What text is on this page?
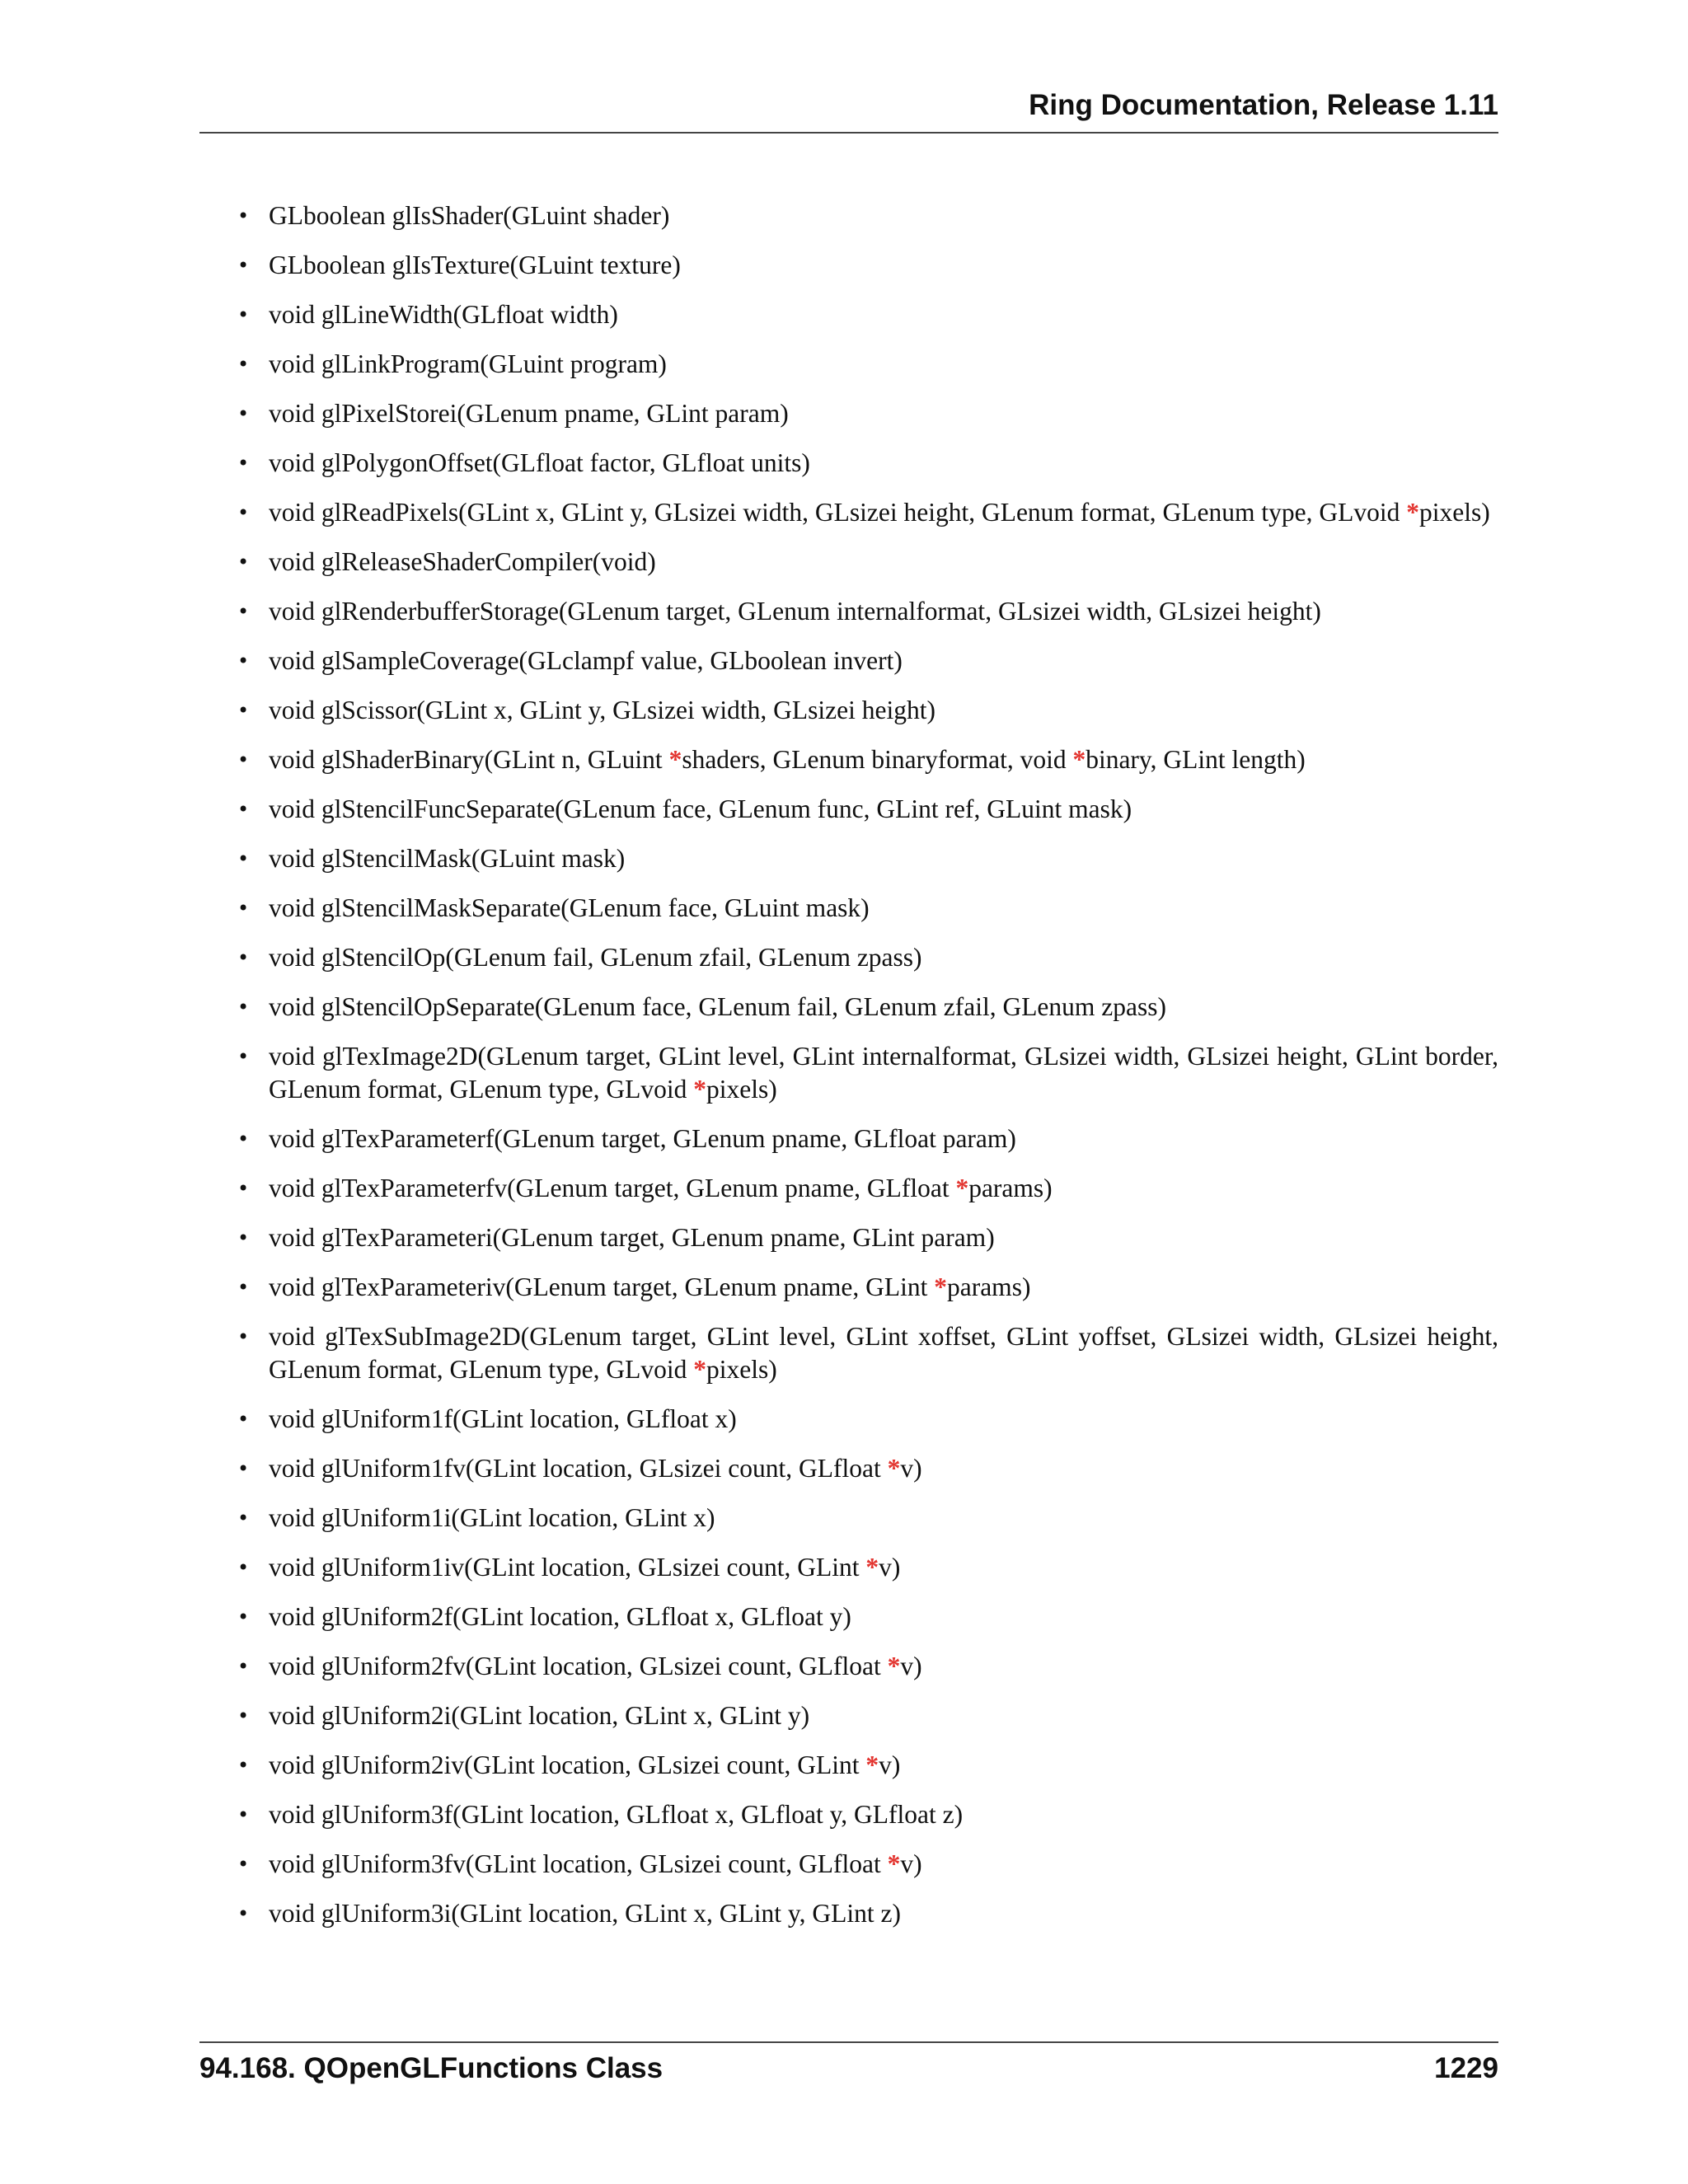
Ring Documentation, Release 1.11
• GLboolean glIsShader(GLuint shader)
• GLboolean glIsTexture(GLuint texture)
• void glLineWidth(GLfloat width)
• void glLinkProgram(GLuint program)
• void glPixelStorei(GLenum pname, GLint param)
• void glPolygonOffset(GLfloat factor, GLfloat units)
• void glReadPixels(GLint x, GLint y, GLsizei width, GLsizei height, GLenum format, GLenum type, GLvoid *pixels)
• void glReleaseShaderCompiler(void)
• void glRenderbufferStorage(GLenum target, GLenum internalformat, GLsizei width, GLsizei height)
• void glSampleCoverage(GLclampf value, GLboolean invert)
• void glScissor(GLint x, GLint y, GLsizei width, GLsizei height)
• void glShaderBinary(GLint n, GLuint *shaders, GLenum binaryformat, void *binary, GLint length)
• void glStencilFuncSeparate(GLenum face, GLenum func, GLint ref, GLuint mask)
• void glStencilMask(GLuint mask)
• void glStencilMaskSeparate(GLenum face, GLuint mask)
• void glStencilOp(GLenum fail, GLenum zfail, GLenum zpass)
• void glStencilOpSeparate(GLenum face, GLenum fail, GLenum zfail, GLenum zpass)
• void glTexImage2D(GLenum target, GLint level, GLint internalformat, GLsizei width, GLsizei height, GLint border, GLenum format, GLenum type, GLvoid *pixels)
• void glTexParameterf(GLenum target, GLenum pname, GLfloat param)
• void glTexParameterfv(GLenum target, GLenum pname, GLfloat *params)
• void glTexParameteri(GLenum target, GLenum pname, GLint param)
• void glTexParameteriv(GLenum target, GLenum pname, GLint *params)
• void glTexSubImage2D(GLenum target, GLint level, GLint xoffset, GLint yoffset, GLsizei width, GLsizei height, GLenum format, GLenum type, GLvoid *pixels)
• void glUniform1f(GLint location, GLfloat x)
• void glUniform1fv(GLint location, GLsizei count, GLfloat *v)
• void glUniform1i(GLint location, GLint x)
• void glUniform1iv(GLint location, GLsizei count, GLint *v)
• void glUniform2f(GLint location, GLfloat x, GLfloat y)
• void glUniform2fv(GLint location, GLsizei count, GLfloat *v)
• void glUniform2i(GLint location, GLint x, GLint y)
• void glUniform2iv(GLint location, GLsizei count, GLint *v)
• void glUniform3f(GLint location, GLfloat x, GLfloat y, GLfloat z)
• void glUniform3fv(GLint location, GLsizei count, GLfloat *v)
• void glUniform3i(GLint location, GLint x, GLint y, GLint z)
94.168. QOpenGLFunctions Class	1229
